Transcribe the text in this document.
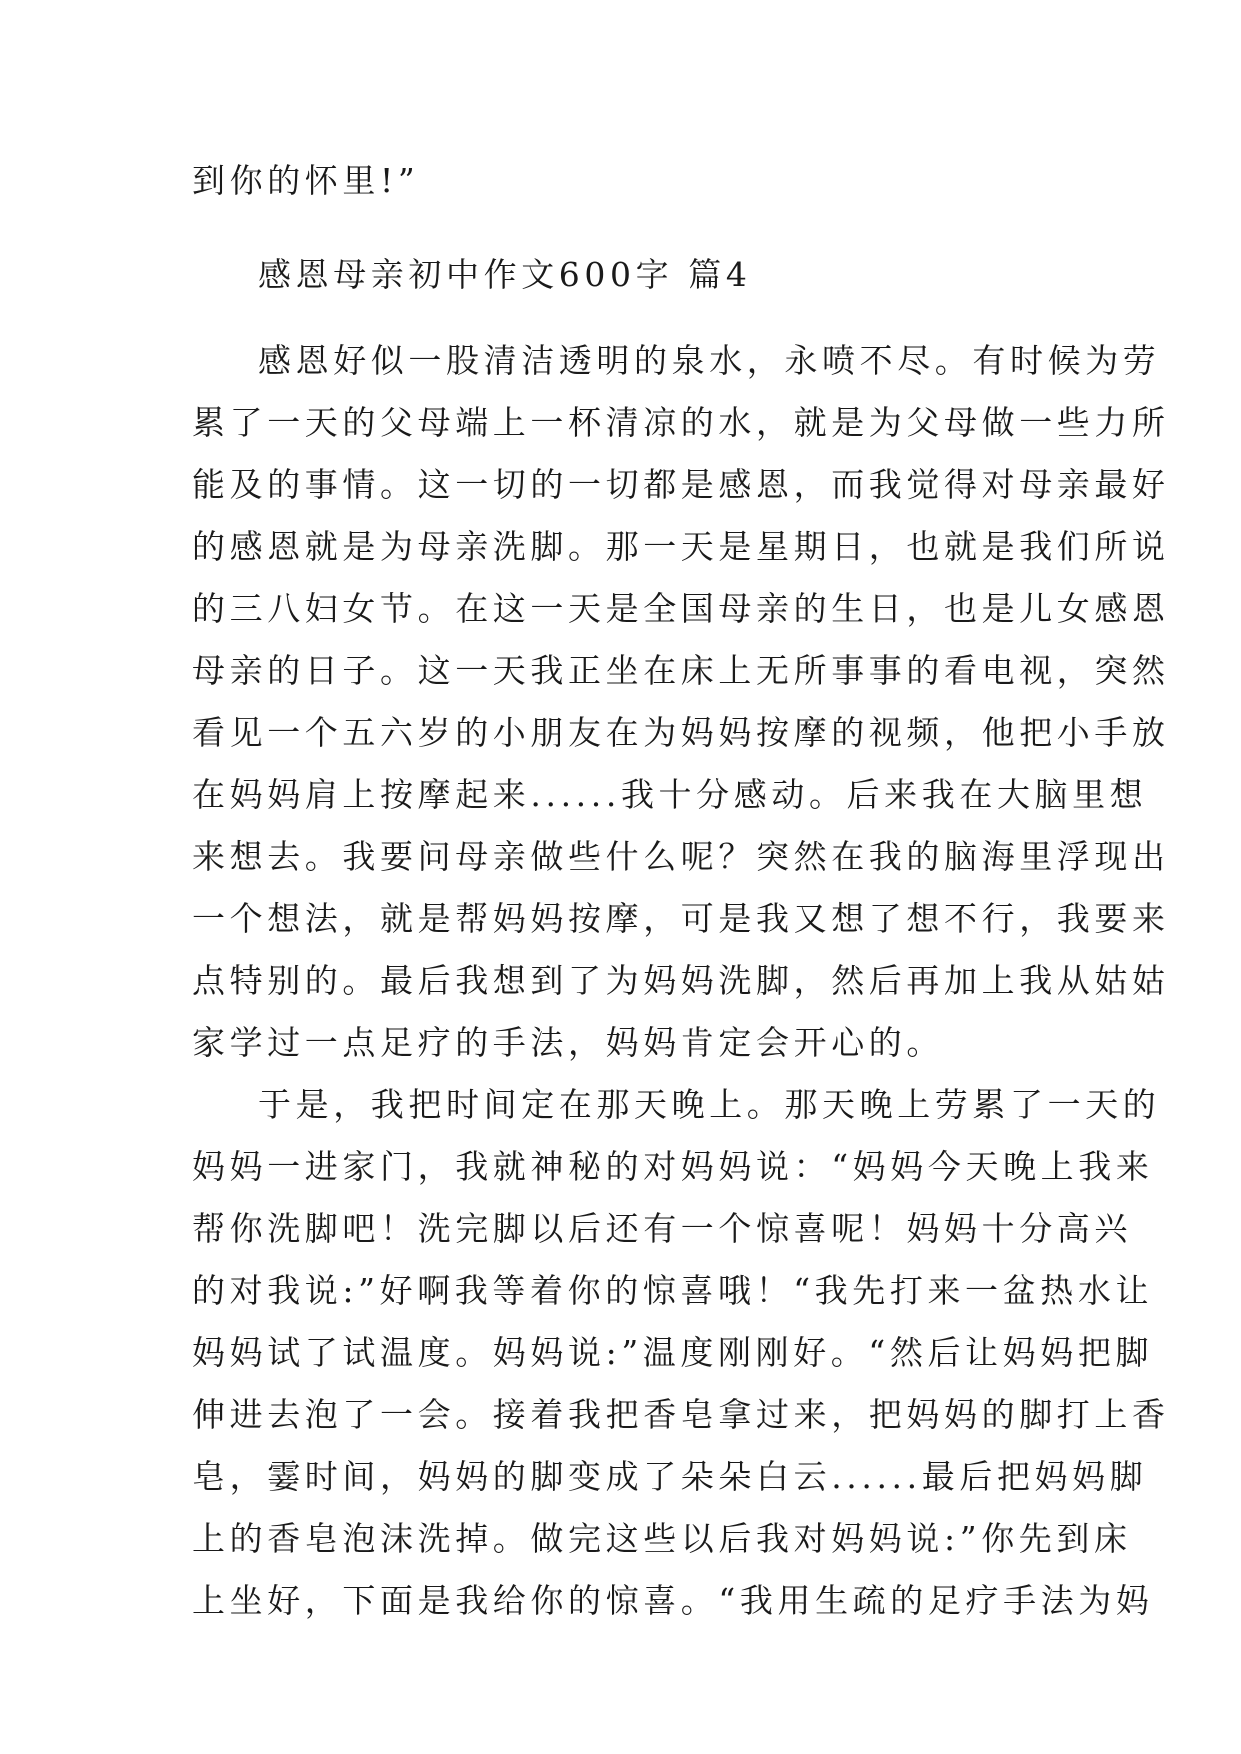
到你的怀里!”
感恩母亲初中作文600字 篇4
感恩好似一股清洁透明的泉水，永喷不尽。有时候为劳
累了一天的父母端上一杯清凉的水，就是为父母做一些力所
能及的事情。这一切的一切都是感恩，而我觉得对母亲最好
的感恩就是为母亲洗脚。那一天是星期日，也就是我们所说
的三八妇女节。在这一天是全国母亲的生日，也是儿女感恩
母亲的日子。这一天我正坐在床上无所事事的看电视，突然
看见一个五六岁的小朋友在为妈妈按摩的视频，他把小手放
在妈妈肩上按摩起来......我十分感动。后来我在大脑里想
来想去。我要问母亲做些什么呢？突然在我的脑海里浮现出
一个想法，就是帮妈妈按摩，可是我又想了想不行，我要来
点特别的。最后我想到了为妈妈洗脚，然后再加上我从姑姑
家学过一点足疗的手法，妈妈肯定会开心的。
于是，我把时间定在那天晚上。那天晚上劳累了一天的
妈妈一进家门，我就神秘的对妈妈说：“妈妈今天晚上我来
帮你洗脚吧！洗完脚以后还有一个惊喜呢！妈妈十分高兴
的对我说:”好啊我等着你的惊喜哦！“我先打来一盆热水让
妈妈试了试温度。妈妈说:”温度刚刚好。“然后让妈妈把脚
伸进去泡了一会。接着我把香皂拿过来，把妈妈的脚打上香
皂，霎时间，妈妈的脚变成了朵朵白云......最后把妈妈脚
上的香皂泡沫洗掉。做完这些以后我对妈妈说:”你先到床
上坐好，下面是我给你的惊喜。“我用生疏的足疗手法为妈
